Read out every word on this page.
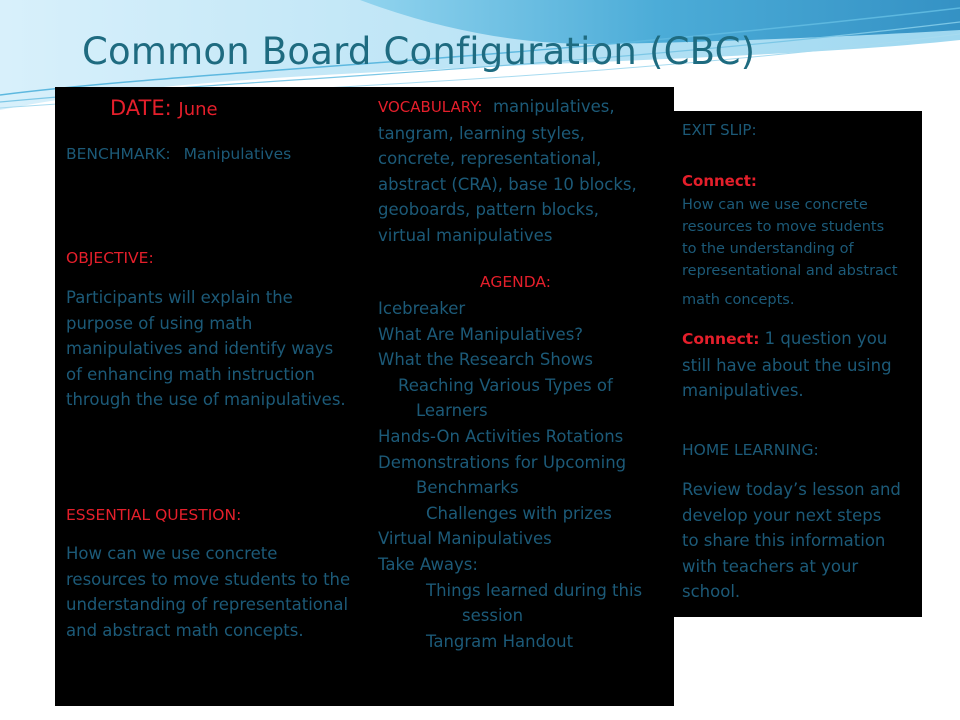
Common Board Configuration (CBC)
DATE: June
BENCHMARK: Manipulatives
OBJECTIVE:
Participants will explain the
purpose of using math
manipulatives and identify ways
of enhancing math instruction
through the use of manipulatives.
ESSENTIAL QUESTION:
How can we use concrete
resources to move students to the
understanding of representational
and abstract math concepts.
VOCABULARY: manipulatives,
tangram, learning styles,
concrete, representational,
abstract (CRA), base 10 blocks,
geoboards, pattern blocks,
virtual manipulatives
AGENDA:
Icebreaker
What Are Manipulatives?
What the Research Shows
Reaching Various Types of
Learners
Hands-On Activities Rotations
Demonstrations for Upcoming
Benchmarks
Challenges with prizes
Virtual Manipulatives
Take Aways:
Things learned during this
session
Tangram Handout
EXIT SLIP:
Connect:
How can we use concrete
resources to move students
to the understanding of
representational and abstract
math concepts.
Connect: 1 question you
still have about the using
manipulatives.
HOME LEARNING:
Review today’s lesson and
develop your next steps
to share this information
with teachers at your
school.
